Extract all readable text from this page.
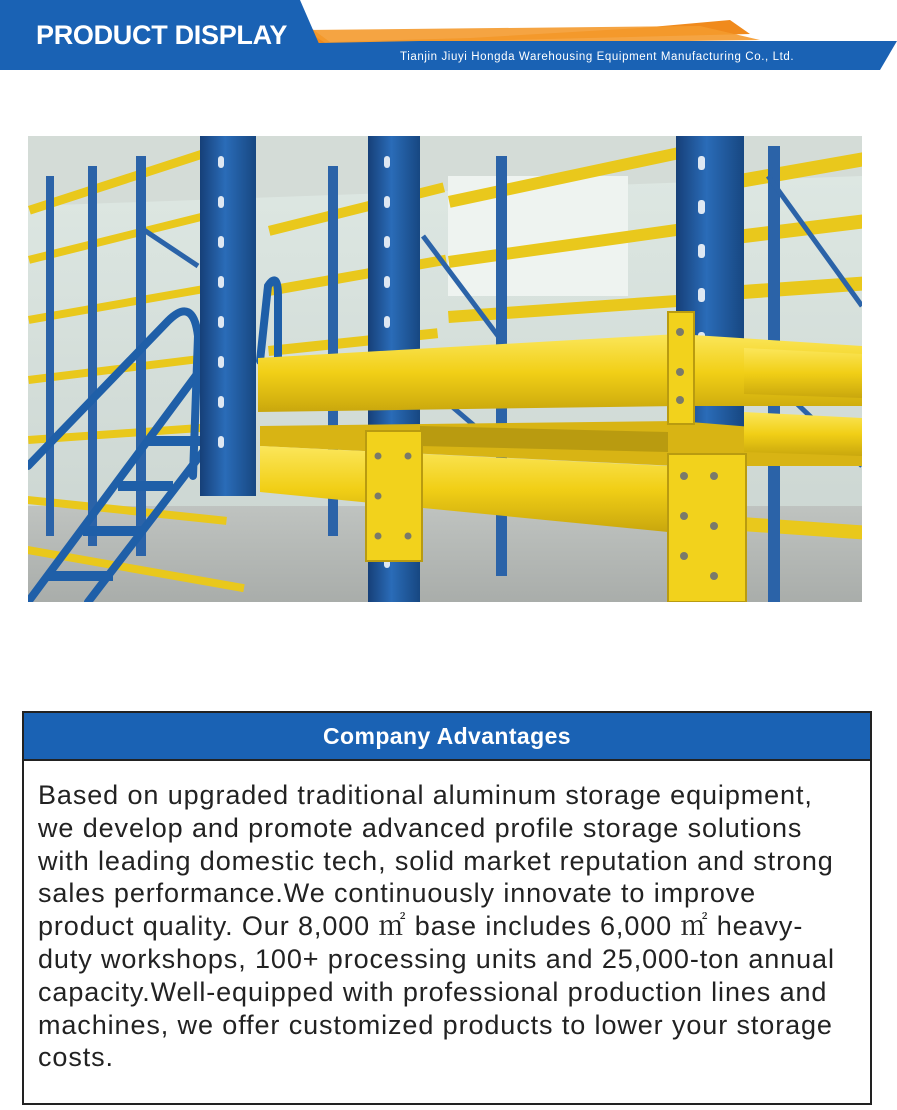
PRODUCT DISPLAY
Tianjin Jiuyi Hongda Warehousing Equipment Manufacturing Co., Ltd.
Company Advantages

Based on upgraded traditional aluminum storage equipment, we develop and promote advanced profile storage solutions with leading domestic tech, solid market reputation and strong sales performance.We continuously innovate to improve product quality. Our 8,000 ㎡ base includes 6,000 ㎡ heavy-duty workshops, 100+ processing units and 25,000-ton annual capacity.Well-equipped with professional production lines and machines, we offer customized products to lower your storage costs.
